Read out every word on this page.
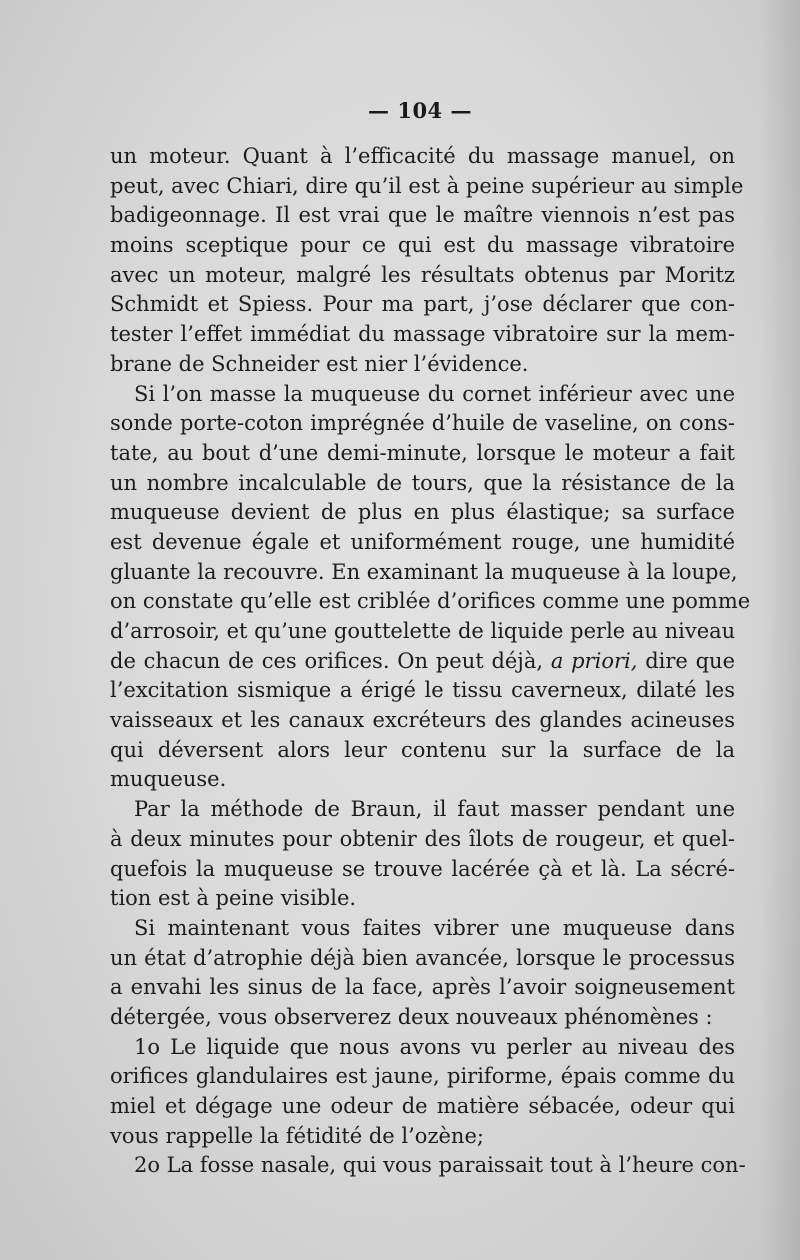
— 104 —
un moteur. Quant à l’efficacité du massage manuel, on
peut, avec Chiari, dire qu’il est à peine supérieur au simple
badigeonnage. Il est vrai que le maître viennois n’est pas
moins sceptique pour ce qui est du massage vibratoire
avec un moteur, malgré les résultats obtenus par Moritz
Schmidt et Spiess. Pour ma part, j’ose déclarer que con-
tester l’effet immédiat du massage vibratoire sur la mem-
brane de Schneider est nier l’évidence.
Si l’on masse la muqueuse du cornet inférieur avec une
sonde porte-coton imprégnée d’huile de vaseline, on cons-
tate, au bout d’une demi-minute, lorsque le moteur a fait
un nombre incalculable de tours, que la résistance de la
muqueuse devient de plus en plus élastique; sa surface
est devenue égale et uniformément rouge, une humidité
gluante la recouvre. En examinant la muqueuse à la loupe,
on constate qu’elle est criblée d’orifices comme une pomme
d’arrosoir, et qu’une gouttelette de liquide perle au niveau
de chacun de ces orifices. On peut déjà, a priori, dire que
l’excitation sismique a érigé le tissu caverneux, dilaté les
vaisseaux et les canaux excréteurs des glandes acineuses
qui déversent alors leur contenu sur la surface de la
muqueuse.
Par la méthode de Braun, il faut masser pendant une
à deux minutes pour obtenir des îlots de rougeur, et quel-
quefois la muqueuse se trouve lacérée çà et là. La sécré-
tion est à peine visible.
Si maintenant vous faites vibrer une muqueuse dans
un état d’atrophie déjà bien avancée, lorsque le processus
a envahi les sinus de la face, après l’avoir soigneusement
détergée, vous observerez deux nouveaux phénomènes :
1o Le liquide que nous avons vu perler au niveau des
orifices glandulaires est jaune, piriforme, épais comme du
miel et dégage une odeur de matière sébacée, odeur qui
vous rappelle la fétidité de l’ozène;
2o La fosse nasale, qui vous paraissait tout à l’heure con-
